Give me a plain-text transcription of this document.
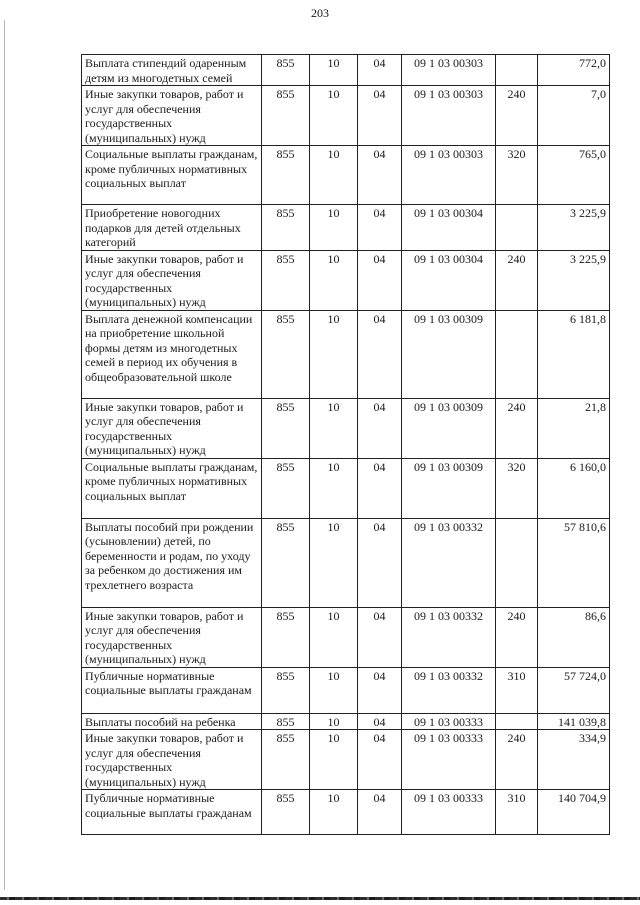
203
Выплата стипендий одаренным детям из многодетных семей	855	10	04	09 1 03 00303		772,0
Иные закупки товаров, работ и услуг для обеспечения государственных (муниципальных) нужд	855	10	04	09 1 03 00303	240	7,0
Социальные выплаты гражданам, кроме публичных нормативных социальных выплат	855	10	04	09 1 03 00303	320	765,0
Приобретение новогодних подарков для детей отдельных категорий	855	10	04	09 1 03 00304		3 225,9
Иные закупки товаров, работ и услуг для обеспечения государственных (муниципальных) нужд	855	10	04	09 1 03 00304	240	3 225,9
Выплата денежной компенсации на приобретение школьной формы детям из многодетных семей в период их обучения в общеобразовательной школе	855	10	04	09 1 03 00309		6 181,8
Иные закупки товаров, работ и услуг для обеспечения государственных (муниципальных) нужд	855	10	04	09 1 03 00309	240	21,8
Социальные выплаты гражданам, кроме публичных нормативных социальных выплат	855	10	04	09 1 03 00309	320	6 160,0
Выплаты пособий при рождении (усыновлении) детей, по беременности и родам, по уходу за ребенком до достижения им трехлетнего возраста	855	10	04	09 1 03 00332		57 810,6
Иные закупки товаров, работ и услуг для обеспечения государственных (муниципальных) нужд	855	10	04	09 1 03 00332	240	86,6
Публичные нормативные социальные выплаты гражданам	855	10	04	09 1 03 00332	310	57 724,0
Выплаты пособий на ребенка	855	10	04	09 1 03 00333		141 039,8
Иные закупки товаров, работ и услуг для обеспечения государственных (муниципальных) нужд	855	10	04	09 1 03 00333	240	334,9
Публичные нормативные социальные выплаты гражданам	855	10	04	09 1 03 00333	310	140 704,9
